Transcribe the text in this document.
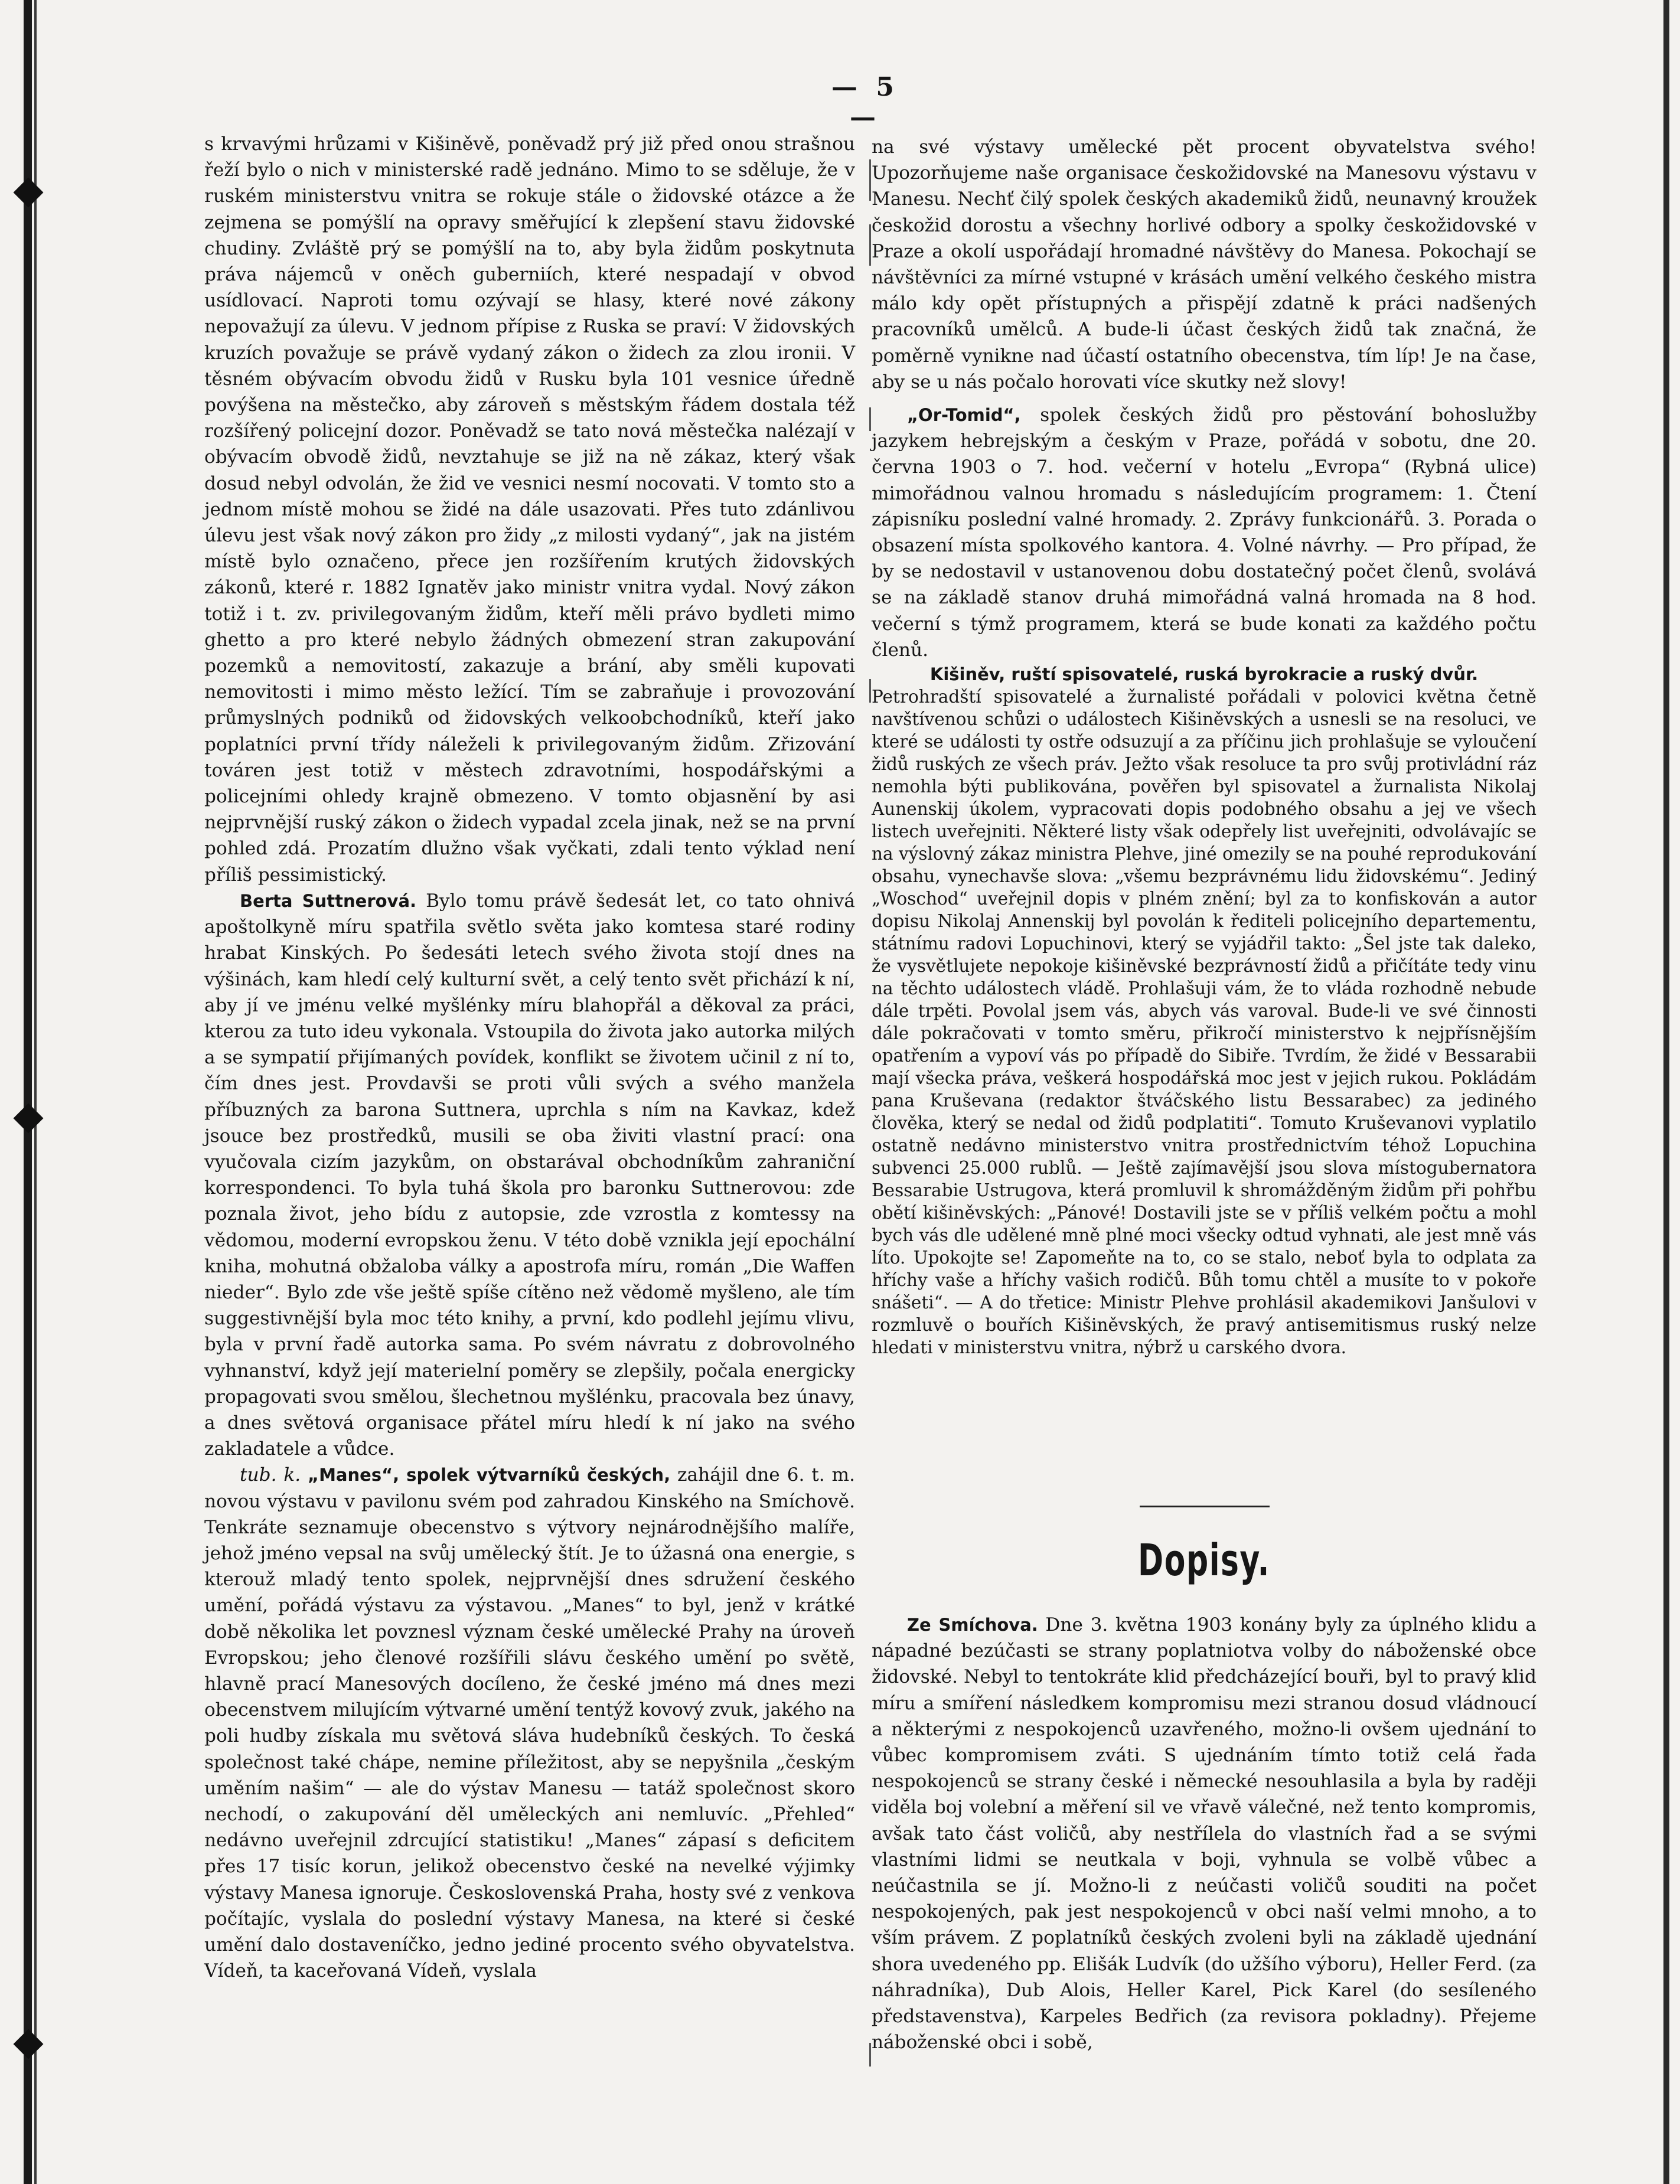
— 5 —

s krvavými hrůzami v Kišiněvě, poněvadž prý již před onou strašnou řeží bylo o nich v ministerské radě jednáno. Mimo to se sděluje, že v ruském ministerstvu vnitra se rokuje stále o židovské otázce a že zejmena se pomýšlí na opravy směřující k zlepšení stavu židovské chudiny. Zvláště prý se pomýšlí na to, aby byla židům poskytnuta práva nájemců v oněch guberniích, které nespadají v obvod usídlovací. Naproti tomu ozývají se hlasy, které nové zákony nepovažují za úlevu. V jednom přípise z Ruska se praví: V židovských kruzích považuje se právě vydaný zákon o židech za zlou ironii. V těsném obývacím obvodu židů v Rusku byla 101 vesnice úředně povýšena na městečko, aby zároveň s městským řádem dostala též rozšířený policejní dozor. Poněvadž se tato nová městečka nalézají v obývacím obvodě židů, nevztahuje se již na ně zákaz, který však dosud nebyl odvolán, že žid ve vesnici nesmí nocovati. V tomto sto a jednom místě mohou se židé na dále usazovati. Přes tuto zdánlivou úlevu jest však nový zákon pro židy „z milosti vydaný“, jak na jistém místě bylo označeno, přece jen rozšířením krutých židovských zákonů, které r. 1882 Ignatěv jako ministr vnitra vydal. Nový zákon totiž i t. zv. privilegovaným židům, kteří měli právo bydleti mimo ghetto a pro které nebylo žádných obmezení stran zakupování pozemků a nemovitostí, zakazuje a brání, aby směli kupovati nemovitosti i mimo město ležící. Tím se zabraňuje i provozování průmyslných podniků od židovských velkoobchodníků, kteří jako poplatníci první třídy náleželi k privilegovaným židům. Zřizování továren jest totiž v městech zdravotními, hospodářskými a policejními ohledy krajně obmezeno. V tomto objasnění by asi nejprvnější ruský zákon o židech vypadal zcela jinak, než se na první pohled zdá. Prozatím dlužno však vyčkati, zdali tento výklad není příliš pessimistický.

Berta Suttnerová. Bylo tomu právě šedesát let, co tato ohnivá apoštolkyně míru spatřila světlo světa jako komtesa staré rodiny hrabat Kinských. Po šedesáti letech svého života stojí dnes na výšinách, kam hledí celý kulturní svět, a celý tento svět přichází k ní, aby jí ve jménu velké myšlénky míru blahopřál a děkoval za práci, kterou za tuto ideu vykonala. Vstoupila do života jako autorka milých a se sympatií přijímaných povídek, konflikt se životem učinil z ní to, čím dnes jest. Provdavši se proti vůli svých a svého manžela příbuzných za barona Suttnera, uprchla s ním na Kavkaz, kdež jsouce bez prostředků, musili se oba živiti vlastní prací: ona vyučovala cizím jazykům, on obstarával obchodníkům zahraniční korrespondenci. To byla tuhá škola pro baronku Suttnerovou: zde poznala život, jeho bídu z autopsie, zde vzrostla z komtessy na vědomou, moderní evropskou ženu. V této době vznikla její epochální kniha, mohutná obžaloba války a apostrofa míru, román „Die Waffen nieder“. Bylo zde vše ještě spíše cítěno než vědomě myšleno, ale tím suggestivnější byla moc této knihy, a první, kdo podlehl jejímu vlivu, byla v první řadě autorka sama. Po svém návratu z dobrovolného vyhnanství, když její materielní poměry se zlepšily, počala energicky propagovati svou smělou, šlechetnou myšlénku, pracovala bez únavy, a dnes světová organisace přátel míru hledí k ní jako na svého zakladatele a vůdce.

tub. k. „Manes“, spolek výtvarníků českých, zahájil dne 6. t. m. novou výstavu v pavilonu svém pod zahradou Kinského na Smíchově. Tenkráte seznamuje obecenstvo s výtvory nejnárodnějšího malíře, jehož jméno vepsal na svůj umělecký štít. Je to úžasná ona energie, s kterouž mladý tento spolek, nejprvnější dnes sdružení českého umění, pořádá výstavu za výstavou. „Manes“ to byl, jenž v krátké době několika let povznesl význam české umělecké Prahy na úroveň Evropskou; jeho členové rozšířili slávu českého umění po světě, hlavně prací Manesových docíleno, že české jméno má dnes mezi obecenstvem milujícím výtvarné umění tentýž kovový zvuk, jakého na poli hudby získala mu světová sláva hudebníků českých. To česká společnost také chápe, nemine příležitost, aby se nepyšnila „českým uměním našim“ — ale do výstav Manesu — tatáž společnost skoro nechodí, o zakupování děl uměleckých ani nemluvíc. „Přehled“ nedávno uveřejnil zdrcující statistiku! „Manes“ zápasí s deficitem přes 17 tisíc korun, jelikož obecenstvo české na nevelké výjimky výstavy Manesa ignoruje. Československá Praha, hosty své z venkova počítajíc, vyslala do poslední výstavy Manesa, na které si české umění dalo dostaveníčko, jedno jediné procento svého obyvatelstva. Vídeň, ta kaceřovaná Vídeň, vyslala

na své výstavy umělecké pět procent obyvatelstva svého! Upozorňujeme naše organisace českožidovské na Manesovu výstavu v Manesu. Nechť čilý spolek českých akademiků židů, neunavný kroužek českožid dorostu a všechny horlivé odbory a spolky českožidovské v Praze a okolí uspořádají hromadné návštěvy do Manesa. Pokochají se návštěvníci za mírné vstupné v krásách umění velkého českého mistra málo kdy opět přístupných a přispějí zdatně k práci nadšených pracovníků umělců. A bude-li účast českých židů tak značná, že poměrně vynikne nad účastí ostatního obecenstva, tím líp! Je na čase, aby se u nás počalo horovati více skutky než slovy!

„Or-Tomid“, spolek českých židů pro pěstování bohoslužby jazykem hebrejským a českým v Praze, pořádá v sobotu, dne 20. června 1903 o 7. hod. večerní v hotelu „Evropa“ (Rybná ulice) mimořádnou valnou hromadu s následujícím programem: 1. Čtení zápisníku poslední valné hromady. 2. Zprávy funkcionářů. 3. Porada o obsazení místa spolkového kantora. 4. Volné návrhy. — Pro případ, že by se nedostavil v ustanovenou dobu dostatečný počet členů, svolává se na základě stanov druhá mimořádná valná hromada na 8 hod. večerní s týmž programem, která se bude konati za každého počtu členů.

Kišiněv, ruští spisovatelé, ruská byrokracie a ruský dvůr.

Petrohradští spisovatelé a žurnalisté pořádali v polovici května četně navštívenou schůzi o událostech Kišiněvských a usnesli se na resoluci, ve které se události ty ostře odsuzují a za příčinu jich prohlašuje se vyloučení židů ruských ze všech práv. Ježto však resoluce ta pro svůj protivládní ráz nemohla býti publikována, pověřen byl spisovatel a žurnalista Nikolaj Aunenskij úkolem, vypracovati dopis podobného obsahu a jej ve všech listech uveřejniti. Některé listy však odepřely list uveřejniti, odvolávajíc se na výslovný zákaz ministra Plehve, jiné omezily se na pouhé reprodukování obsahu, vynechavše slova: „všemu bezprávnému lidu židovskému“. Jediný „Woschod“ uveřejnil dopis v plném znění; byl za to konfiskován a autor dopisu Nikolaj Annenskij byl povolán k řediteli policejního departementu, státnímu radovi Lopuchinovi, který se vyjádřil takto: „Šel jste tak daleko, že vysvětlujete nepokoje kišiněvské bezprávností židů a přičítáte tedy vinu na těchto událostech vládě. Prohlašuji vám, že to vláda rozhodně nebude dále trpěti. Povolal jsem vás, abych vás varoval. Bude-li ve své činnosti dále pokračovati v tomto směru, přikročí ministerstvo k nejpřísnějším opatřením a vypoví vás po případě do Sibiře. Tvrdím, že židé v Bessarabii mají všecka práva, veškerá hospodářská moc jest v jejich rukou. Pokládám pana Kruševana (redaktor štváčského listu Bessarabec) za jediného člověka, který se nedal od židů podplatiti“. Tomuto Kruševanovi vyplatilo ostatně nedávno ministerstvo vnitra prostřednictvím téhož Lopuchina subvenci 25.000 rublů. — Ještě zajímavější jsou slova místogubernatora Bessarabie Ustrugova, která promluvil k shromážděným židům při pohřbu obětí kišiněvských: „Pánové! Dostavili jste se v příliš velkém počtu a mohl bych vás dle udělené mně plné moci všecky odtud vyhnati, ale jest mně vás líto. Upokojte se! Zapomeňte na to, co se stalo, neboť byla to odplata za hříchy vaše a hříchy vašich rodičů. Bůh tomu chtěl a musíte to v pokoře snášeti“. — A do třetice: Ministr Plehve prohlásil akademikovi Janšulovi v rozmluvě o bouřích Kišiněvských, že pravý antisemitismus ruský nelze hledati v ministerstvu vnitra, nýbrž u carského dvora.

Dopisy.

Ze Smíchova. Dne 3. května 1903 konány byly za úplného klidu a nápadné bezúčasti se strany poplatniotva volby do náboženské obce židovské. Nebyl to tentokráte klid předcházející bouři, byl to pravý klid míru a smíření následkem kompromisu mezi stranou dosud vládnoucí a některými z nespokojenců uzavřeného, možno-li ovšem ujednání to vůbec kompromisem zváti. S ujednáním tímto totiž celá řada nespokojenců se strany české i německé nesouhlasila a byla by raději viděla boj volební a měření sil ve vřavě válečné, než tento kompromis, avšak tato část voličů, aby nestřílela do vlastních řad a se svými vlastními lidmi se neutkala v boji, vyhnula se volbě vůbec a neúčastnila se jí. Možno-li z neúčasti voličů souditi na počet nespokojených, pak jest nespokojenců v obci naší velmi mnoho, a to vším právem. Z poplatníků českých zvoleni byli na základě ujednání shora uvedeného pp. Elišák Ludvík (do užšího výboru), Heller Ferd. (za náhradníka), Dub Alois, Heller Karel, Pick Karel (do sesíleného představenstva), Karpeles Bedřich (za revisora pokladny). Přejeme náboženské obci i sobě,
